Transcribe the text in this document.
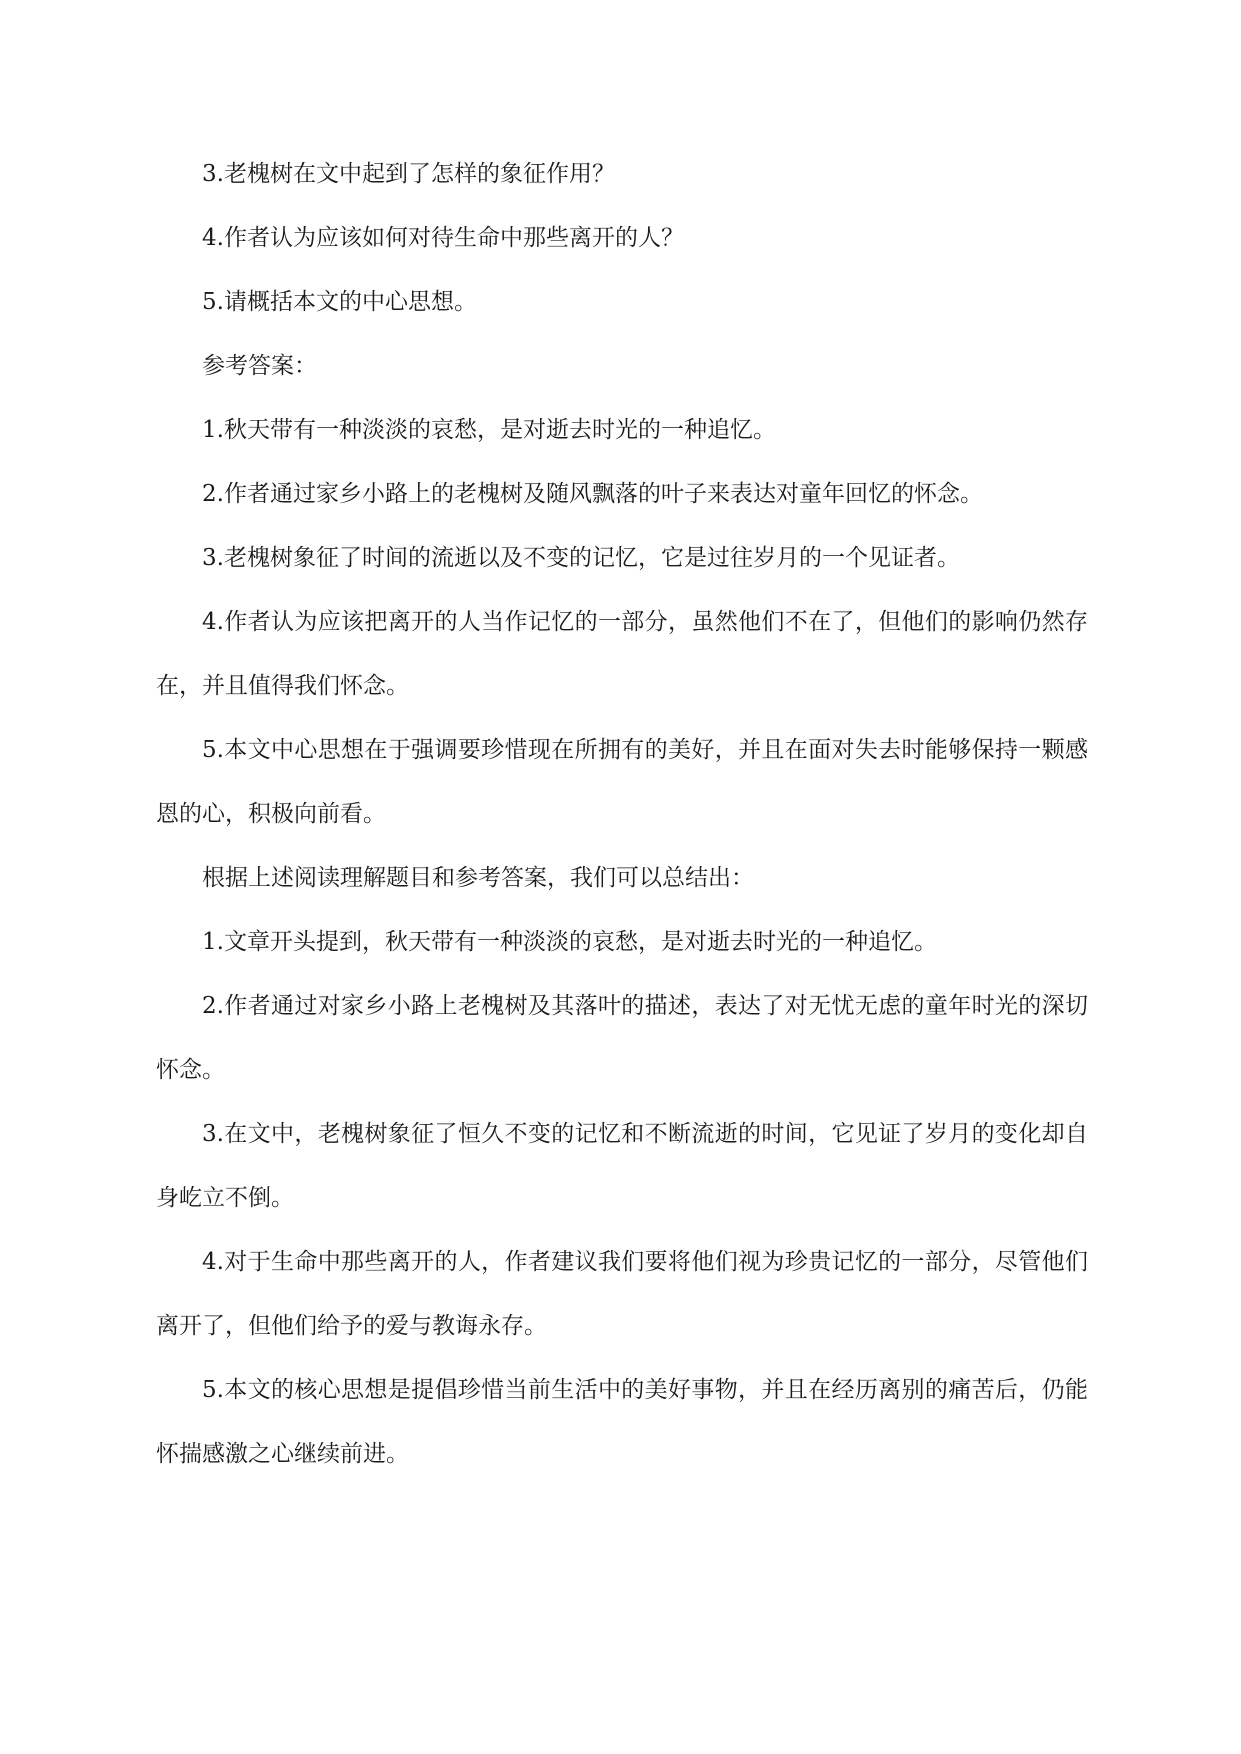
3.老槐树在文中起到了怎样的象征作用？

4.作者认为应该如何对待生命中那些离开的人？

5.请概括本文的中心思想。

参考答案：

1.秋天带有一种淡淡的哀愁，是对逝去时光的一种追忆。

2.作者通过家乡小路上的老槐树及随风飘落的叶子来表达对童年回忆的怀念。

3.老槐树象征了时间的流逝以及不变的记忆，它是过往岁月的一个见证者。

4.作者认为应该把离开的人当作记忆的一部分，虽然他们不在了，但他们的影响仍然存在，并且值得我们怀念。

5.本文中心思想在于强调要珍惜现在所拥有的美好，并且在面对失去时能够保持一颗感恩的心，积极向前看。

根据上述阅读理解题目和参考答案，我们可以总结出：

1.文章开头提到，秋天带有一种淡淡的哀愁，是对逝去时光的一种追忆。

2.作者通过对家乡小路上老槐树及其落叶的描述，表达了对无忧无虑的童年时光的深切怀念。

3.在文中，老槐树象征了恒久不变的记忆和不断流逝的时间，它见证了岁月的变化却自身屹立不倒。

4.对于生命中那些离开的人，作者建议我们要将他们视为珍贵记忆的一部分，尽管他们离开了，但他们给予的爱与教诲永存。

5.本文的核心思想是提倡珍惜当前生活中的美好事物，并且在经历离别的痛苦后，仍能怀揣感激之心继续前进。
